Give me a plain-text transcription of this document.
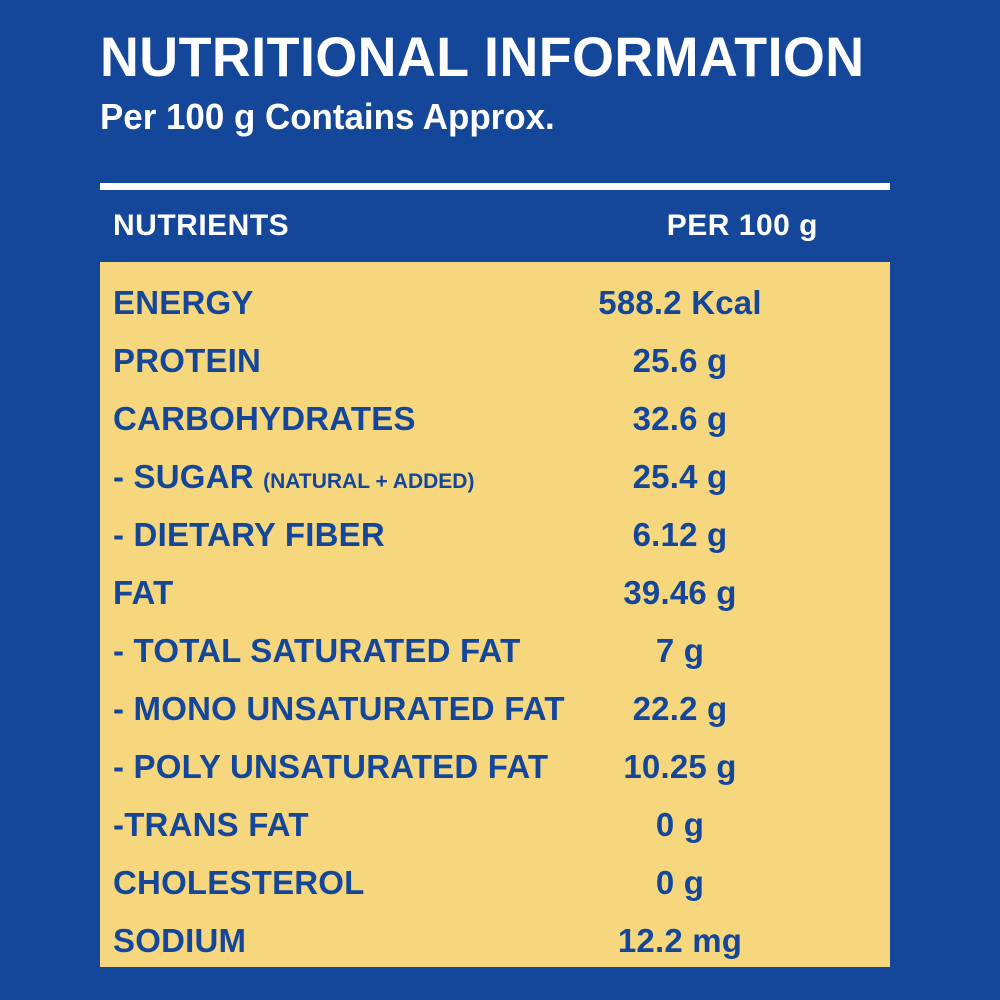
NUTRITIONAL INFORMATION
Per 100 g Contains Approx.
NUTRIENTS	PER 100 g
ENERGY	588.2 Kcal
PROTEIN	25.6 g
CARBOHYDRATES	32.6 g
- SUGAR (NATURAL + ADDED)	25.4 g
- DIETARY FIBER	6.12 g
FAT	39.46 g
- TOTAL SATURATED FAT	7 g
- MONO UNSATURATED FAT	22.2 g
- POLY UNSATURATED FAT	10.25 g
-TRANS FAT	0 g
CHOLESTEROL	0 g
SODIUM	12.2 mg
